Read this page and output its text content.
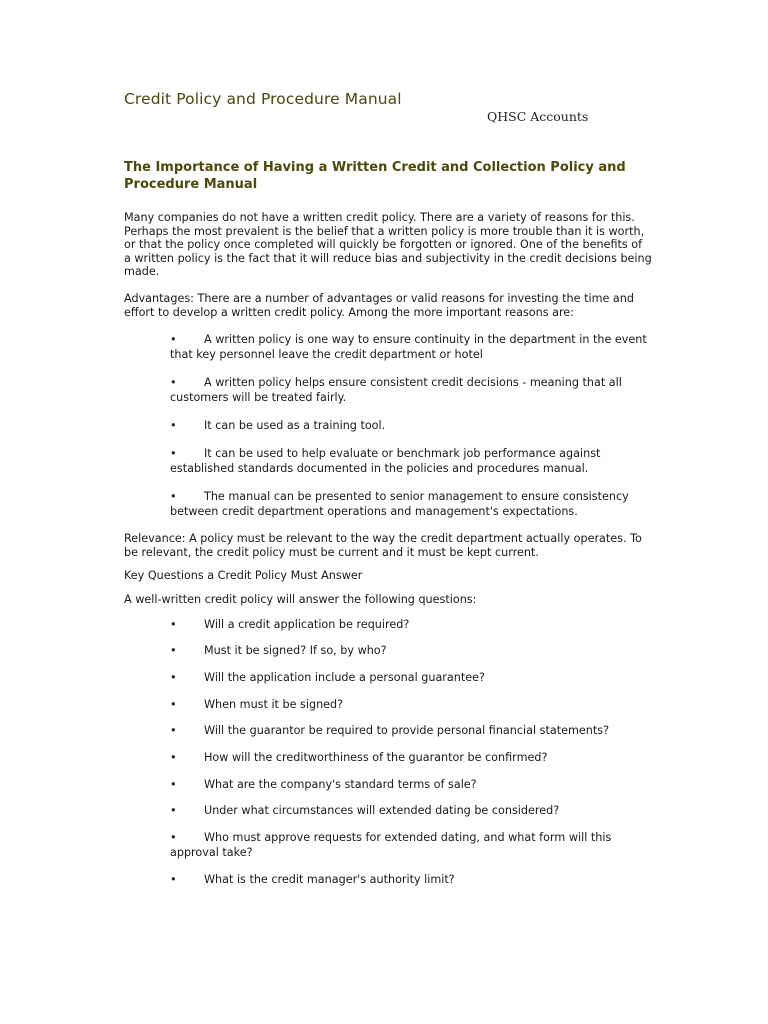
Credit Policy and Procedure Manual
QHSC Accounts
The Importance of Having a Written Credit and Collection Policy and Procedure Manual

Many companies do not have a written credit policy. There are a variety of reasons for this. Perhaps the most prevalent is the belief that a written policy is more trouble than it is worth, or that the policy once completed will quickly be forgotten or ignored. One of the benefits of a written policy is the fact that it will reduce bias and subjectivity in the credit decisions being made.

Advantages: There are a number of advantages or valid reasons for investing the time and effort to develop a written credit policy. Among the more important reasons are:

• A written policy is one way to ensure continuity in the department in the event that key personnel leave the credit department or hotel
• A written policy helps ensure consistent credit decisions - meaning that all customers will be treated fairly.
• It can be used as a training tool.
• It can be used to help evaluate or benchmark job performance against established standards documented in the policies and procedures manual.
• The manual can be presented to senior management to ensure consistency between credit department operations and management's expectations.

Relevance: A policy must be relevant to the way the credit department actually operates. To be relevant, the credit policy must be current and it must be kept current.

Key Questions a Credit Policy Must Answer

A well-written credit policy will answer the following questions:

• Will a credit application be required?
• Must it be signed? If so, by who?
• Will the application include a personal guarantee?
• When must it be signed?
• Will the guarantor be required to provide personal financial statements?
• How will the creditworthiness of the guarantor be confirmed?
• What are the company's standard terms of sale?
• Under what circumstances will extended dating be considered?
• Who must approve requests for extended dating, and what form will this approval take?
• What is the credit manager's authority limit?
